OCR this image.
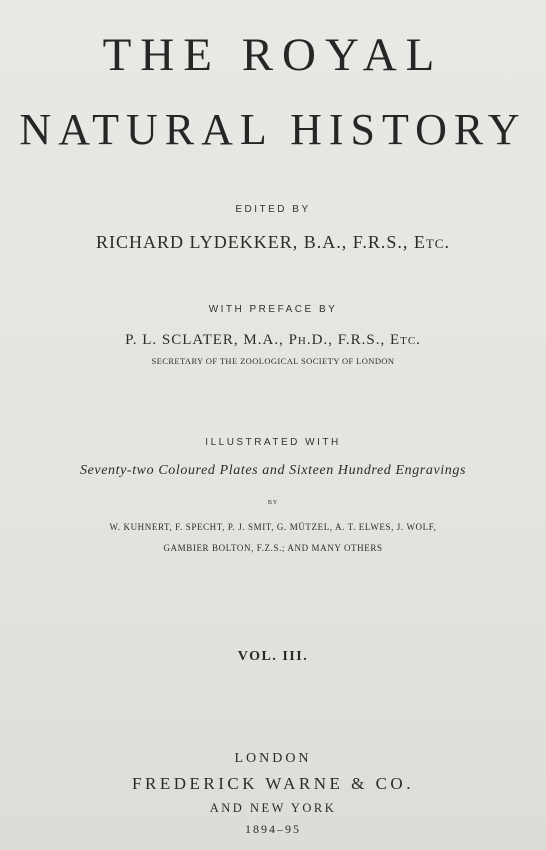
THE ROYAL
NATURAL HISTORY
EDITED BY
RICHARD LYDEKKER, B.A., F.R.S., Etc.
WITH PREFACE BY
P. L. SCLATER, M.A., Ph.D., F.R.S., Etc.
SECRETARY OF THE ZOOLOGICAL SOCIETY OF LONDON
ILLUSTRATED WITH
Seventy-two Coloured Plates and Sixteen Hundred Engravings
BY
W. KUHNERT, F. SPECHT, P. J. SMIT, G. MÜTZEL, A. T. ELWES, J. WOLF,
GAMBIER BOLTON, F.Z.S.; AND MANY OTHERS
VOL. III.
LONDON
FREDERICK WARNE & CO.
AND NEW YORK
1894–95
